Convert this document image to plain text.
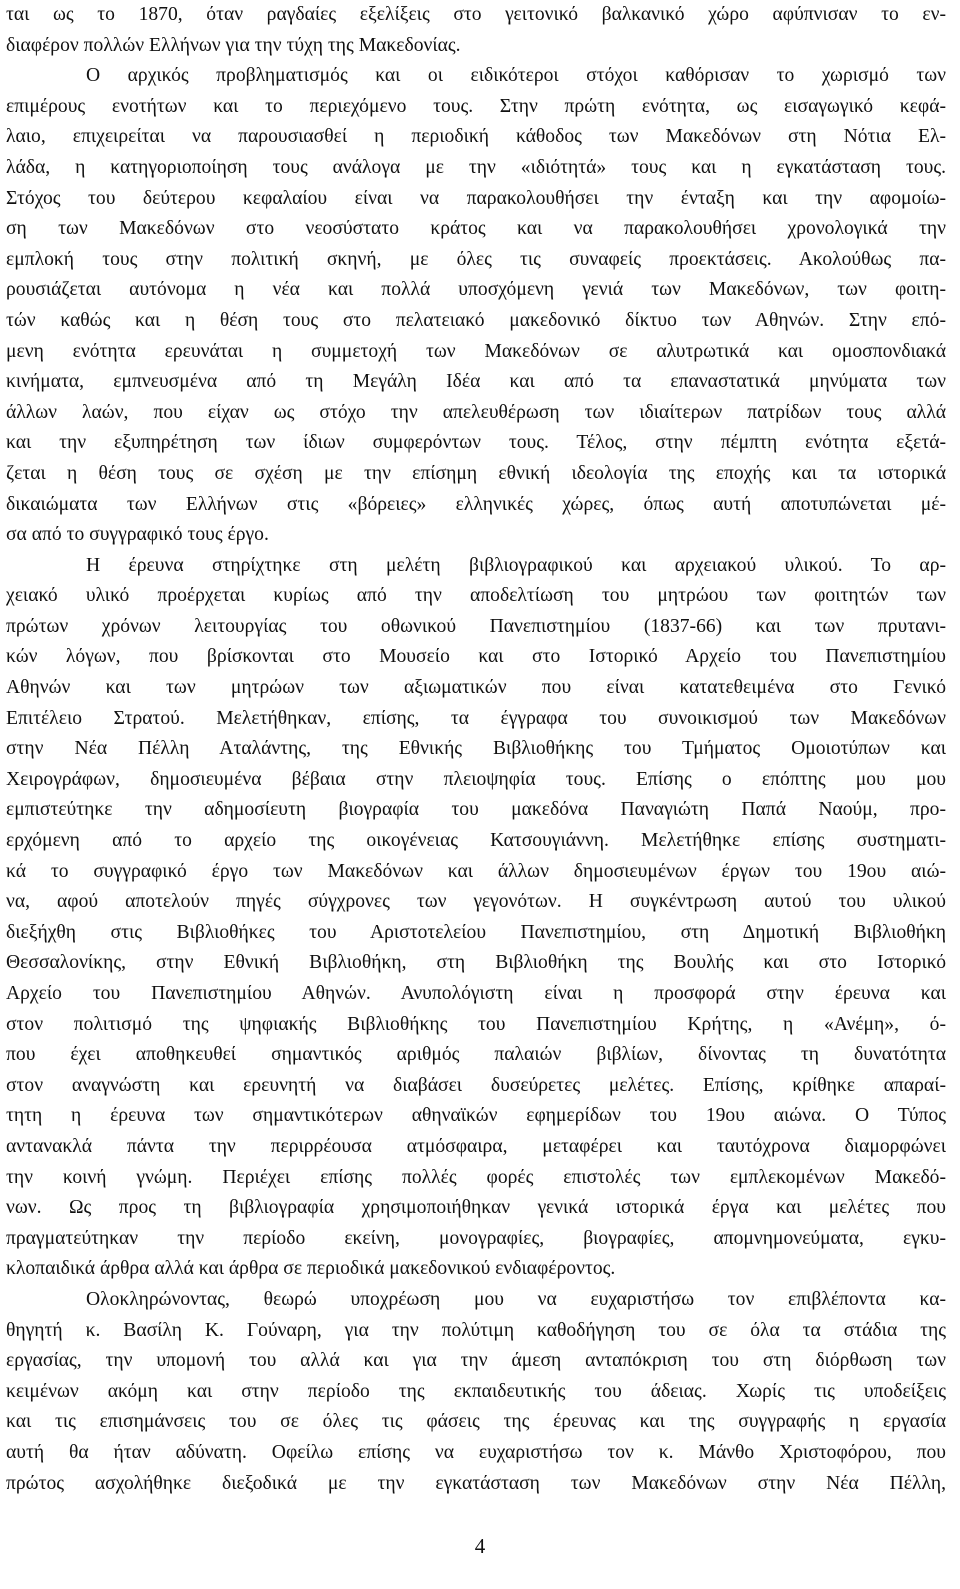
ται ως το 1870, όταν ραγδαίες εξελίξεις στο γειτονικό βαλκανικό χώρο αφύπνισαν το εν-
διαφέρον πολλών Ελλήνων για την τύχη της Μακεδονίας.
Ο αρχικός προβληματισμός και οι ειδικότεροι στόχοι καθόρισαν το χωρισμό των
επιμέρους ενοτήτων και το περιεχόμενο τους. Στην πρώτη ενότητα, ως εισαγωγικό κεφά-
λαιο, επιχειρείται να παρουσιασθεί η περιοδική κάθοδος των Μακεδόνων στη Νότια Ελ-
λάδα, η κατηγοριοποίηση τους ανάλογα με την «ιδιότητά» τους και η εγκατάσταση τους.
Στόχος του δεύτερου κεφαλαίου είναι να παρακολουθήσει την ένταξη και την αφομοίω-
ση των Μακεδόνων στο νεοσύστατο κράτος και να παρακολουθήσει χρονολογικά την
εμπλοκή τους στην πολιτική σκηνή, με όλες τις συναφείς προεκτάσεις. Ακολούθως πα-
ρουσιάζεται αυτόνομα η νέα και πολλά υποσχόμενη γενιά των Μακεδόνων, των φοιτη-
τών καθώς και η θέση τους στο πελατειακό μακεδονικό δίκτυο των Αθηνών. Στην επό-
μενη ενότητα ερευνάται η συμμετοχή των Μακεδόνων σε αλυτρωτικά και ομοσπονδιακά
κινήματα, εμπνευσμένα από τη Μεγάλη Ιδέα και από τα επαναστατικά μηνύματα των
άλλων λαών, που είχαν ως στόχο την απελευθέρωση των ιδιαίτερων πατρίδων τους αλλά
και την εξυπηρέτηση των ίδιων συμφερόντων τους. Τέλος, στην πέμπτη ενότητα εξετά-
ζεται η θέση τους σε σχέση με την επίσημη εθνική ιδεολογία της εποχής και τα ιστορικά
δικαιώματα των Ελλήνων στις «βόρειες» ελληνικές χώρες, όπως αυτή αποτυπώνεται μέ-
σα από το συγγραφικό τους έργο.
Η έρευνα στηρίχτηκε στη μελέτη βιβλιογραφικού και αρχειακού υλικού. Το αρ-
χειακό υλικό προέρχεται κυρίως από την αποδελτίωση του μητρώου των φοιτητών των
πρώτων χρόνων λειτουργίας του οθωνικού Πανεπιστημίου (1837-66) και των πρυτανι-
κών λόγων, που βρίσκονται στο Μουσείο και στο Ιστορικό Αρχείο του Πανεπιστημίου
Αθηνών και των μητρώων των αξιωματικών που είναι κατατεθειμένα στο Γενικό
Επιτέλειο Στρατού. Μελετήθηκαν, επίσης, τα έγγραφα του συνοικισμού των Μακεδόνων
στην Νέα Πέλλη Αταλάντης, της Εθνικής Βιβλιοθήκης του Τμήματος Ομοιοτύπων και
Χειρογράφων, δημοσιευμένα βέβαια στην πλειοψηφία τους. Επίσης ο επόπτης μου μου
εμπιστεύτηκε την αδημοσίευτη βιογραφία του μακεδόνα Παναγιώτη Παπά Ναούμ, προ-
ερχόμενη από το αρχείο της οικογένειας Κατσουγιάννη. Μελετήθηκε επίσης συστηματι-
κά το συγγραφικό έργο των Μακεδόνων και άλλων δημοσιευμένων έργων του 19ου αιώ-
να, αφού αποτελούν πηγές σύγχρονες των γεγονότων. Η συγκέντρωση αυτού του υλικού
διεξήχθη στις Βιβλιοθήκες του Αριστοτελείου Πανεπιστημίου, στη Δημοτική Βιβλιοθήκη
Θεσσαλονίκης, στην Εθνική Βιβλιοθήκη, στη Βιβλιοθήκη της Βουλής και στο Ιστορικό
Αρχείο του Πανεπιστημίου Αθηνών. Ανυπολόγιστη είναι η προσφορά στην έρευνα και
στον πολιτισμό της ψηφιακής Βιβλιοθήκης του Πανεπιστημίου Κρήτης, η «Ανέμη», ό-
που έχει αποθηκευθεί σημαντικός αριθμός παλαιών βιβλίων, δίνοντας τη δυνατότητα
στον αναγνώστη και ερευνητή να διαβάσει δυσεύρετες μελέτες. Επίσης, κρίθηκε απαραί-
τητη η έρευνα των σημαντικότερων αθηναϊκών εφημερίδων του 19ου αιώνα. Ο Τύπος
αντανακλά πάντα την περιρρέουσα ατμόσφαιρα, μεταφέρει και ταυτόχρονα διαμορφώνει
την κοινή γνώμη. Περιέχει επίσης πολλές φορές επιστολές των εμπλεκομένων Μακεδό-
νων. Ως προς τη βιβλιογραφία χρησιμοποιήθηκαν γενικά ιστορικά έργα και μελέτες που
πραγματεύτηκαν την περίοδο εκείνη, μονογραφίες, βιογραφίες, απομνημονεύματα, εγκυ-
κλοπαιδικά άρθρα αλλά και άρθρα σε περιοδικά μακεδονικού ενδιαφέροντος.
Ολοκληρώνοντας, θεωρώ υποχρέωση μου να ευχαριστήσω τον επιβλέποντα κα-
θηγητή κ. Βασίλη Κ. Γούναρη, για την πολύτιμη καθοδήγηση του σε όλα τα στάδια της
εργασίας, την υπομονή του αλλά και για την άμεση ανταπόκριση του στη διόρθωση των
κειμένων ακόμη και στην περίοδο της εκπαιδευτικής του άδειας. Χωρίς τις υποδείξεις
και τις επισημάνσεις του σε όλες τις φάσεις της έρευνας και της συγγραφής η εργασία
αυτή θα ήταν αδύνατη. Οφείλω επίσης να ευχαριστήσω τον κ. Μάνθο Χριστοφόρου, που
πρώτος ασχολήθηκε διεξοδικά με την εγκατάσταση των Μακεδόνων στην Νέα Πέλλη,
4
